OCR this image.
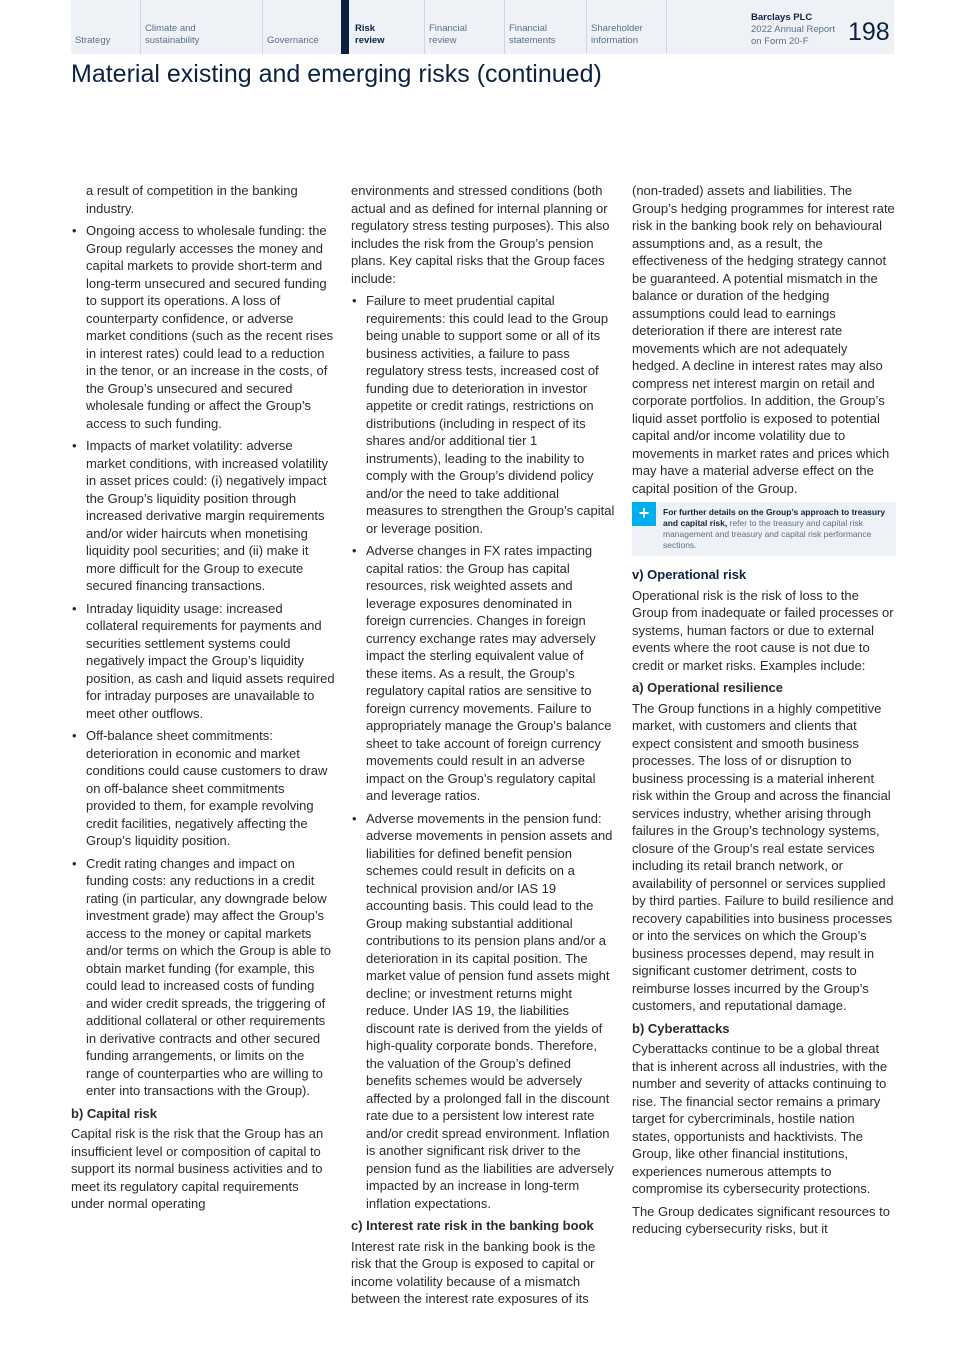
Strategy
Climate and
sustainability	Governance
Risk
review
Financial
review
Financial
statements
Shareholder
information
Barclays PLC
2022 Annual Report
on Form 20-F	198
Material existing and emerging risks (continued)

a result of competition in the banking industry.

• Ongoing access to wholesale funding: the Group regularly accesses the money and capital markets to provide short-term and long-term unsecured and secured funding to support its operations. A loss of counterparty confidence, or adverse market conditions (such as the recent rises in interest rates) could lead to a reduction in the tenor, or an increase in the costs, of the Group’s unsecured and secured wholesale funding or affect the Group’s access to such funding.
• Impacts of market volatility: adverse market conditions, with increased volatility in asset prices could: (i) negatively impact the Group’s liquidity position through increased derivative margin requirements and/or wider haircuts when monetising liquidity pool securities; and (ii) make it more difficult for the Group to execute secured financing transactions.
• Intraday liquidity usage: increased collateral requirements for payments and securities settlement systems could negatively impact the Group’s liquidity position, as cash and liquid assets required for intraday purposes are unavailable to meet other outflows.
• Off-balance sheet commitments: deterioration in economic and market conditions could cause customers to draw on off-balance sheet commitments provided to them, for example revolving credit facilities, negatively affecting the Group’s liquidity position.
• Credit rating changes and impact on funding costs: any reductions in a credit rating (in particular, any downgrade below investment grade) may affect the Group’s access to the money or capital markets and/or terms on which the Group is able to obtain market funding (for example, this could lead to increased costs of funding and wider credit spreads, the triggering of additional collateral or other requirements in derivative contracts and other secured funding arrangements, or limits on the range of counterparties who are willing to enter into transactions with the Group).
b) Capital risk

Capital risk is the risk that the Group has an insufficient level or composition of capital to support its normal business activities and to meet its regulatory capital requirements under normal operating

environments and stressed conditions (both actual and as defined for internal planning or regulatory stress testing purposes). This also includes the risk from the Group’s pension plans. Key capital risks that the Group faces include:

• Failure to meet prudential capital requirements: this could lead to the Group being unable to support some or all of its business activities, a failure to pass regulatory stress tests, increased cost of funding due to deterioration in investor appetite or credit ratings, restrictions on distributions (including in respect of its shares and/or additional tier 1 instruments), leading to the inability to comply with the Group’s dividend policy and/or the need to take additional measures to strengthen the Group’s capital or leverage position.
• Adverse changes in FX rates impacting capital ratios: the Group has capital resources, risk weighted assets and leverage exposures denominated in foreign currencies. Changes in foreign currency exchange rates may adversely impact the sterling equivalent value of these items. As a result, the Group’s regulatory capital ratios are sensitive to foreign currency movements. Failure to appropriately manage the Group’s balance sheet to take account of foreign currency movements could result in an adverse impact on the Group’s regulatory capital and leverage ratios.
• Adverse movements in the pension fund: adverse movements in pension assets and liabilities for defined benefit pension schemes could result in deficits on a technical provision and/or IAS 19 accounting basis. This could lead to the Group making substantial additional contributions to its pension plans and/or a deterioration in its capital position. The market value of pension fund assets might decline; or investment returns might reduce. Under IAS 19, the liabilities discount rate is derived from the yields of high-quality corporate bonds. Therefore, the valuation of the Group’s defined benefits schemes would be adversely affected by a prolonged fall in the discount rate due to a persistent low interest rate and/or credit spread environment. Inflation is another significant risk driver to the pension fund as the liabilities are adversely impacted by an increase in long-term inflation expectations.
c) Interest rate risk in the banking book

Interest rate risk in the banking book is the risk that the Group is exposed to capital or income volatility because of a mismatch between the interest rate exposures of its

(non-traded) assets and liabilities. The Group’s hedging programmes for interest rate risk in the banking book rely on behavioural assumptions and, as a result, the effectiveness of the hedging strategy cannot be guaranteed. A potential mismatch in the balance or duration of the hedging assumptions could lead to earnings deterioration if there are interest rate movements which are not adequately hedged. A decline in interest rates may also compress net interest margin on retail and corporate portfolios. In addition, the Group’s liquid asset portfolio is exposed to potential capital and/or income volatility due to movements in market rates and prices which may have a material adverse effect on the capital position of the Group.

+	For further details on the Group’s approach to treasury and capital risk, refer to the treasury and capital risk management and treasury and capital risk performance sections.
v) Operational risk

Operational risk is the risk of loss to the Group from inadequate or failed processes or systems, human factors or due to external events where the root cause is not due to credit or market risks. Examples include:

a) Operational resilience

The Group functions in a highly competitive market, with customers and clients that expect consistent and smooth business processes. The loss of or disruption to business processing is a material inherent risk within the Group and across the financial services industry, whether arising through failures in the Group’s technology systems, closure of the Group’s real estate services including its retail branch network, or availability of personnel or services supplied by third parties. Failure to build resilience and recovery capabilities into business processes or into the services on which the Group’s business processes depend, may result in significant customer detriment, costs to reimburse losses incurred by the Group’s customers, and reputational damage.

b) Cyberattacks

Cyberattacks continue to be a global threat that is inherent across all industries, with the number and severity of attacks continuing to rise. The financial sector remains a primary target for cybercriminals, hostile nation states, opportunists and hacktivists. The Group, like other financial institutions, experiences numerous attempts to compromise its cybersecurity protections.

The Group dedicates significant resources to reducing cybersecurity risks, but it
